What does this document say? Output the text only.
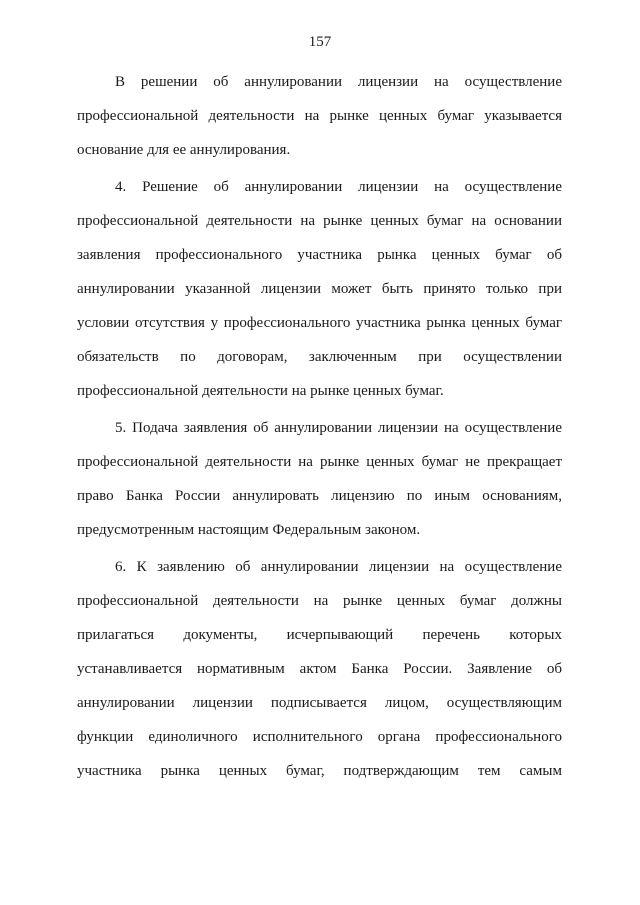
157
В решении об аннулировании лицензии на осуществление
профессиональной деятельности на рынке ценных бумаг указывается
основание для ее аннулирования.
4. Решение об аннулировании лицензии на осуществление
профессиональной деятельности на рынке ценных бумаг на основании
заявления профессионального участника рынка ценных бумаг об
аннулировании указанной лицензии может быть принято только при
условии отсутствия у профессионального участника рынка ценных бумаг
обязательств по договорам, заключенным при осуществлении
профессиональной деятельности на рынке ценных бумаг.
5. Подача заявления об аннулировании лицензии на осуществление
профессиональной деятельности на рынке ценных бумаг не прекращает
право Банка России аннулировать лицензию по иным основаниям,
предусмотренным настоящим Федеральным законом.
6. К заявлению об аннулировании лицензии на осуществление
профессиональной деятельности на рынке ценных бумаг должны
прилагаться документы, исчерпывающий перечень которых
устанавливается нормативным актом Банка России. Заявление об
аннулировании лицензии подписывается лицом, осуществляющим
функции единоличного исполнительного органа профессионального
участника рынка ценных бумаг, подтверждающим тем самым
